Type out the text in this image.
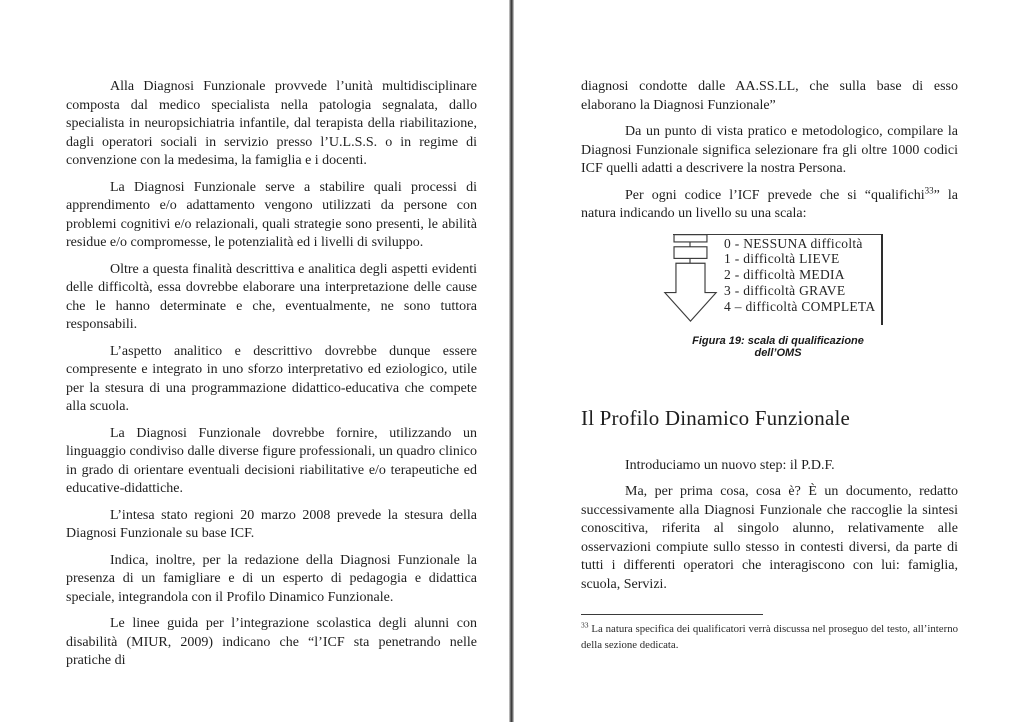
Alla Diagnosi Funzionale provvede l’unità multidisciplinare composta dal medico specialista nella patologia segnalata, dallo specialista in neuropsichiatria infantile, dal terapista della riabilitazione, dagli operatori sociali in servizio presso l’U.L.S.S. o in regime di convenzione con la medesima, la famiglia e i docenti.

La Diagnosi Funzionale serve a stabilire quali processi di apprendimento e/o adattamento vengono utilizzati da persone con problemi cognitivi e/o relazionali, quali strategie sono presenti, le abilità residue e/o compromesse, le potenzialità ed i livelli di sviluppo.

Oltre a questa finalità descrittiva e analitica degli aspetti evidenti delle difficoltà, essa dovrebbe elaborare una interpretazione delle cause che le hanno determinate e che, eventualmente, ne sono tuttora responsabili.

L’aspetto analitico e descrittivo dovrebbe dunque essere compresente e integrato in uno sforzo interpretativo ed eziologico, utile per la stesura di una programmazione didattico-educativa che compete alla scuola.

La Diagnosi Funzionale dovrebbe fornire, utilizzando un linguaggio condiviso dalle diverse figure professionali, un quadro clinico in grado di orientare eventuali decisioni riabilitative e/o terapeutiche ed educative-didattiche.

L’intesa stato regioni 20 marzo 2008 prevede la stesura della Diagnosi Funzionale su base ICF.

Indica, inoltre, per la redazione della Diagnosi Funzionale la presenza di un famigliare e di un esperto di pedagogia e didattica speciale, integrandola con il Profilo Dinamico Funzionale.

Le linee guida per l’integrazione scolastica degli alunni con disabilità (MIUR, 2009) indicano che “l’ICF sta penetrando nelle pratiche di

diagnosi condotte dalle AA.SS.LL, che sulla base di esso elaborano la Diagnosi Funzionale”

Da un punto di vista pratico e metodologico, compilare la Diagnosi Funzionale significa selezionare fra gli oltre 1000 codici ICF quelli adatti a descrivere la nostra Persona.

Per ogni codice l’ICF prevede che si “qualifichi$^{33}$” la natura indicando un livello su una scala:

0 - NESSUNA difficoltà
1 - difficoltà LIEVE
2 - difficoltà MEDIA
3 - difficoltà GRAVE
4 – difficoltà COMPLETA
Figura 19: scala di qualificazione dell’OMS
Il Profilo Dinamico Funzionale

Introduciamo un nuovo step: il P.D.F.

Ma, per prima cosa, cosa è? È un documento, redatto successivamente alla Diagnosi Funzionale che raccoglie la sintesi conoscitiva, riferita al singolo alunno, relativamente alle osservazioni compiute sullo stesso in contesti diversi, da parte di tutti i differenti operatori che interagiscono con lui: famiglia, scuola, Servizi.

$^{33}$ La natura specifica dei qualificatori verrà discussa nel proseguo del testo, all’interno della sezione dedicata.
